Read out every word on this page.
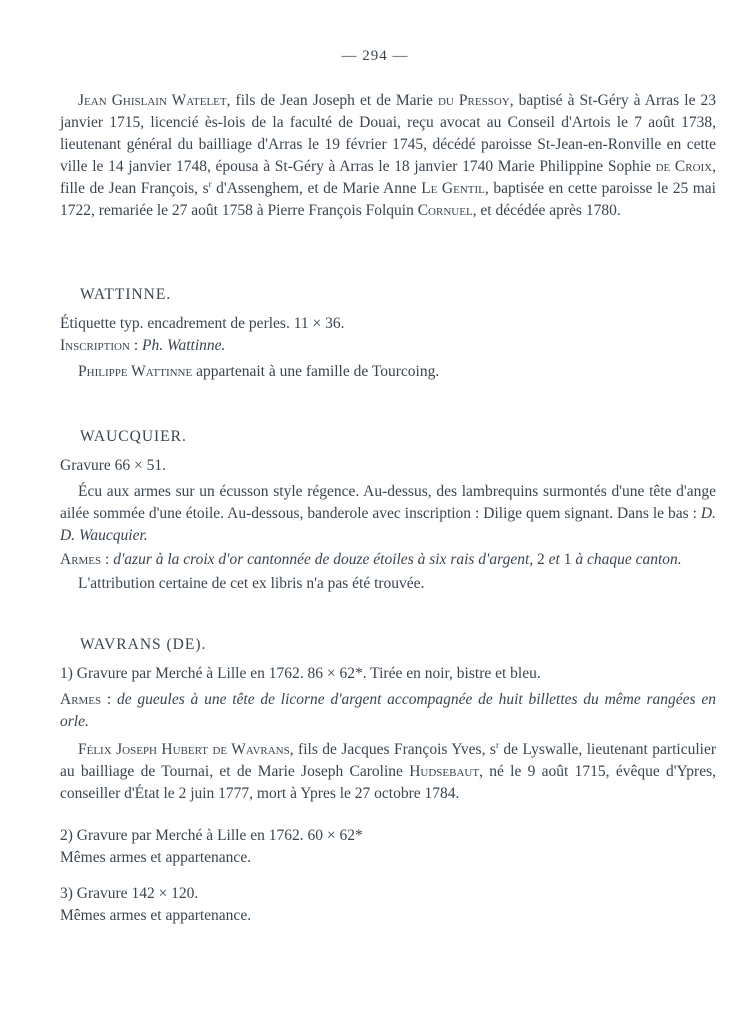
— 294 —
Jean Ghislain Watelet, fils de Jean Joseph et de Marie du Pressoy, baptisé à St-Géry à Arras le 23 janvier 1715, licencié ès-lois de la faculté de Douai, reçu avocat au Conseil d'Artois le 7 août 1738, lieutenant général du bailliage d'Arras le 19 février 1745, décédé paroisse St-Jean-en-Ronville en cette ville le 14 janvier 1748, épousa à St-Géry à Arras le 18 janvier 1740 Marie Philippine Sophie de Croix, fille de Jean François, $s^r$ d'Assenghem, et de Marie Anne Le Gentil, baptisée en cette paroisse le 25 mai 1722, remariée le 27 août 1758 à Pierre François Folquin Cornuel, et décédée après 1780.
WATTINNE.

Étiquette typ. encadrement de perles. 11 × 36.

Inscription : Ph. Wattinne.

Philippe Wattinne appartenait à une famille de Tourcoing.

WAUCQUIER.

Gravure 66 × 51.

Écu aux armes sur un écusson style régence. Au-dessus, des lambrequins surmontés d'une tête d'ange ailée sommée d'une étoile. Au-dessous, banderole avec inscription : Dilige quem signant. Dans le bas : D. D. Waucquier.

Armes : d'azur à la croix d'or cantonnée de douze étoiles à six rais d'argent, 2 et 1 à chaque canton.

L'attribution certaine de cet ex libris n'a pas été trouvée.

WAVRANS (DE).

1) Gravure par Merché à Lille en 1762. 86 × 62*. Tirée en noir, bistre et bleu.

Armes : de gueules à une tête de licorne d'argent accompagnée de huit billettes du même rangées en orle.

Félix Joseph Hubert de Wavrans, fils de Jacques François Yves, $s^r$ de Lyswalle, lieutenant particulier au bailliage de Tournai, et de Marie Joseph Caroline Hudsebaut, né le 9 août 1715, évêque d'Ypres, conseiller d'État le 2 juin 1777, mort à Ypres le 27 octobre 1784.

2) Gravure par Merché à Lille en 1762. 60 × 62*

Mêmes armes et appartenance.

3) Gravure 142 × 120.

Mêmes armes et appartenance.
